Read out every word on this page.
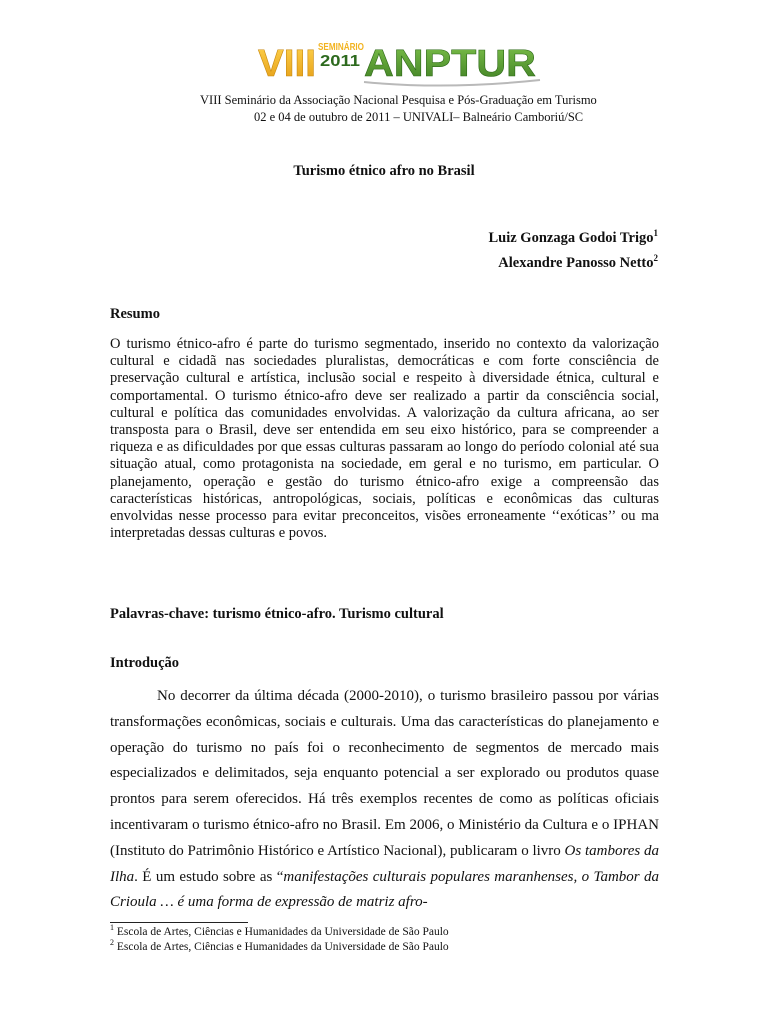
VIII SEMINÁRIO
2011 ANPTUR
VIII Seminário da Associação Nacional Pesquisa e Pós-Graduação em Turismo
02 e 04 de outubro de 2011 – UNIVALI– Balneário Camboriú/SC
Turismo étnico afro no Brasil
Luiz Gonzaga Godoi Trigo$^1$
Alexandre Panosso Netto$^2$
Resumo

O turismo étnico-afro é parte do turismo segmentado, inserido no contexto da valorização cultural e cidadã nas sociedades pluralistas, democráticas e com forte consciência de preservação cultural e artística, inclusão social e respeito à diversidade étnica, cultural e comportamental. O turismo étnico-afro deve ser realizado a partir da consciência social, cultural e política das comunidades envolvidas. A valorização da cultura africana, ao ser transposta para o Brasil, deve ser entendida em seu eixo histórico, para se compreender a riqueza e as dificuldades por que essas culturas passaram ao longo do período colonial até sua situação atual, como protagonista na sociedade, em geral e no turismo, em particular. O planejamento, operação e gestão do turismo étnico-afro exige a compreensão das características históricas, antropológicas, sociais, políticas e econômicas das culturas envolvidas nesse processo para evitar preconceitos, visões erroneamente ‘‘exóticas’’ ou ma interpretadas dessas culturas e povos.

Palavras-chave: turismo étnico-afro. Turismo cultural
Introdução

No decorrer da última década (2000-2010), o turismo brasileiro passou por várias transformações econômicas, sociais e culturais. Uma das características do planejamento e operação do turismo no país foi o reconhecimento de segmentos de mercado mais especializados e delimitados, seja enquanto potencial a ser explorado ou produtos quase prontos para serem oferecidos. Há três exemplos recentes de como as políticas oficiais incentivaram o turismo étnico-afro no Brasil. Em 2006, o Ministério da Cultura e o IPHAN (Instituto do Patrimônio Histórico e Artístico Nacional), publicaram o livro Os tambores da Ilha. É um estudo sobre as “manifestações culturais populares maranhenses, o Tambor da Crioula … é uma forma de expressão de matriz afro-

$^1$ Escola de Artes, Ciências e Humanidades da Universidade de São Paulo
$^2$ Escola de Artes, Ciências e Humanidades da Universidade de São Paulo
